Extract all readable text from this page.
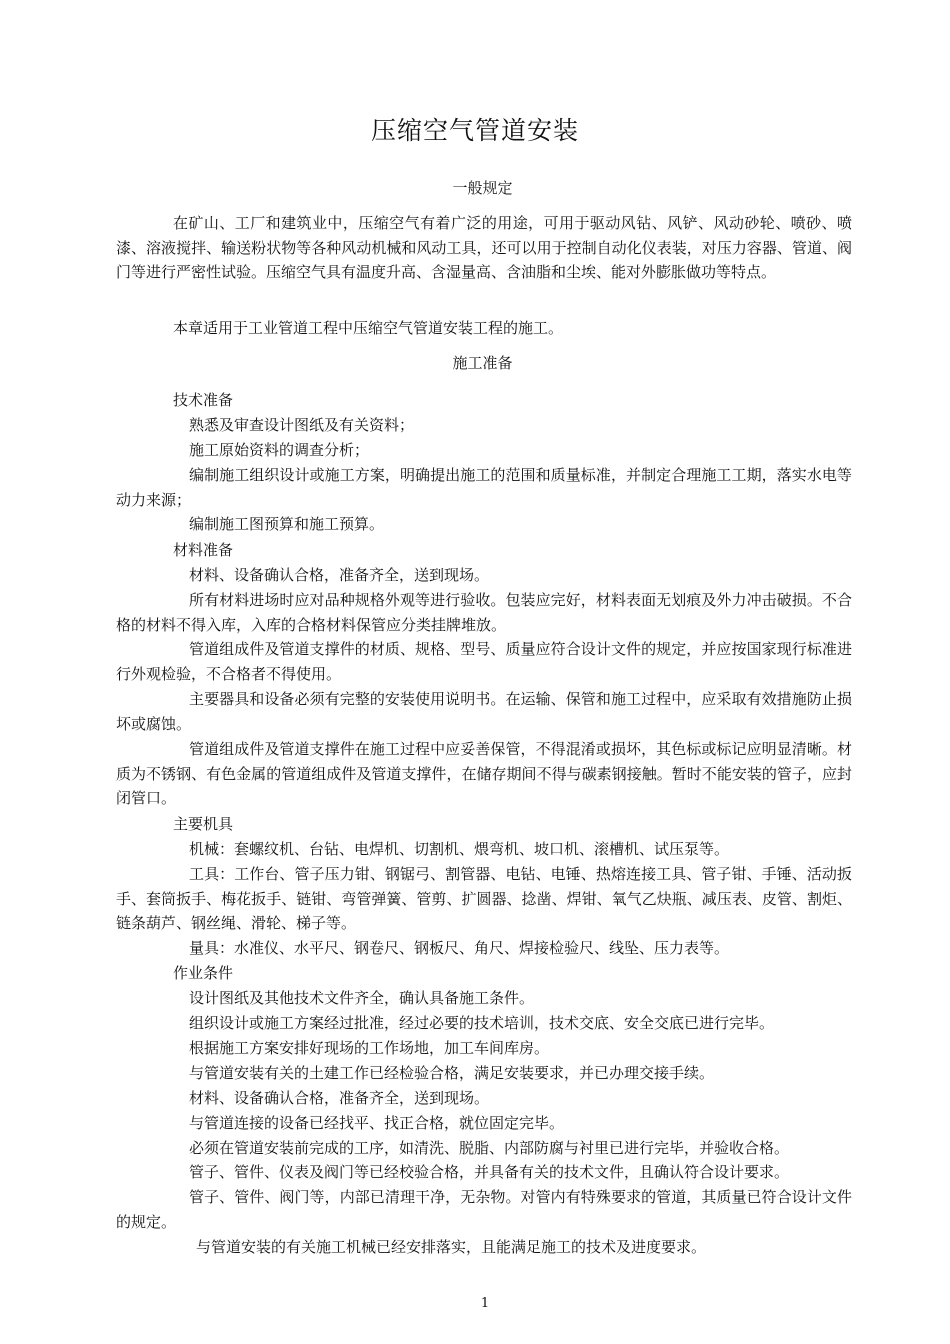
压缩空气管道安装
一般规定

在矿山、工厂和建筑业中，压缩空气有着广泛的用途，可用于驱动风钻、风铲、风动砂轮、喷砂、喷漆、溶液搅拌、输送粉状物等各种风动机械和风动工具，还可以用于控制自动化仪表装，对压力容器、管道、阀门等进行严密性试验。压缩空气具有温度升高、含湿量高、含油脂和尘埃、能对外膨胀做功等特点。

本章适用于工业管道工程中压缩空气管道安装工程的施工。

施工准备
技术准备

熟悉及审查设计图纸及有关资料；

施工原始资料的调查分析；

编制施工组织设计或施工方案，明确提出施工的范围和质量标准，并制定合理施工工期，落实水电等动力来源；

编制施工图预算和施工预算。

材料准备

材料、设备确认合格，准备齐全，送到现场。

所有材料进场时应对品种规格外观等进行验收。包装应完好，材料表面无划痕及外力冲击破损。不合格的材料不得入库，入库的合格材料保管应分类挂牌堆放。

管道组成件及管道支撑件的材质、规格、型号、质量应符合设计文件的规定，并应按国家现行标准进行外观检验，不合格者不得使用。

主要器具和设备必须有完整的安装使用说明书。在运输、保管和施工过程中，应采取有效措施防止损坏或腐蚀。

管道组成件及管道支撑件在施工过程中应妥善保管，不得混淆或损坏，其色标或标记应明显清晰。材质为不锈钢、有色金属的管道组成件及管道支撑件，在储存期间不得与碳素钢接触。暂时不能安装的管子，应封闭管口。

主要机具

机械：套螺纹机、台钻、电焊机、切割机、煨弯机、坡口机、滚槽机、试压泵等。

工具：工作台、管子压力钳、钢锯弓、割管器、电钻、电锤、热熔连接工具、管子钳、手锤、活动扳手、套筒扳手、梅花扳手、链钳、弯管弹簧、管剪、扩圆器、捻凿、焊钳、氧气乙炔瓶、减压表、皮管、割炬、链条葫芦、钢丝绳、滑轮、梯子等。

量具：水准仪、水平尺、钢卷尺、钢板尺、角尺、焊接检验尺、线坠、压力表等。

作业条件

设计图纸及其他技术文件齐全，确认具备施工条件。

组织设计或施工方案经过批准，经过必要的技术培训，技术交底、安全交底已进行完毕。

根据施工方案安排好现场的工作场地，加工车间库房。

与管道安装有关的土建工作已经检验合格，满足安装要求，并已办理交接手续。

材料、设备确认合格，准备齐全，送到现场。

与管道连接的设备已经找平、找正合格，就位固定完毕。

必须在管道安装前完成的工序，如清洗、脱脂、内部防腐与衬里已进行完毕，并验收合格。

管子、管件、仪表及阀门等已经校验合格，并具备有关的技术文件，且确认符合设计要求。

管子、管件、阀门等，内部已清理干净，无杂物。对管内有特殊要求的管道，其质量已符合设计文件的规定。

与管道安装的有关施工机械已经安排落实，且能满足施工的技术及进度要求。

1
